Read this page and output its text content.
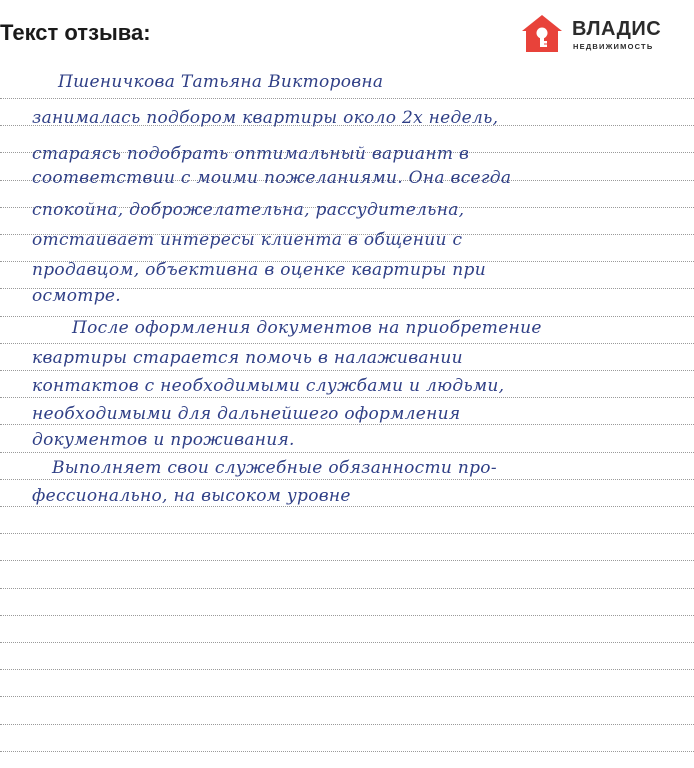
Текст отзыва:	ВЛАДИС
НЕДВИЖИМОСТЬ
Пшеничкова Татьяна Викторовна
занималась подбором квартиры около 2х недель,
стараясь подобрать оптимальный вариант в
соответствии с моими пожеланиями. Она всегда
спокойна, доброжелательна, рассудительна,
отстаивает интересы клиента в общении с
продавцом, объективна в оценке квартиры при
осмотре.
После оформления документов на приобретение
квартиры старается помочь в налаживании
контактов с необходимыми службами и людьми,
необходимыми для дальнейшего оформления
документов и проживания.
Выполняет свои служебные обязанности про-
фессионально, на высоком уровне
